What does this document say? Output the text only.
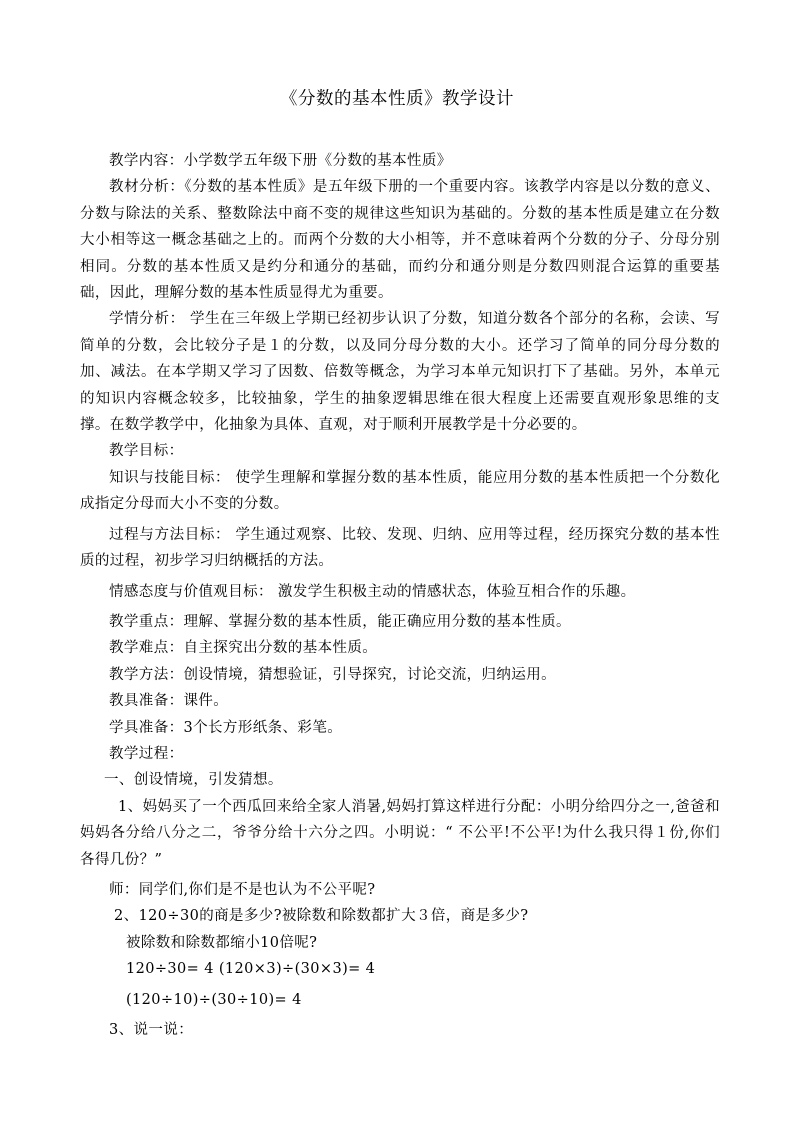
《分数的基本性质》教学设计

教学内容：小学数学五年级下册《分数的基本性质》

教材分析：《分数的基本性质》是五年级下册的一个重要内容。该教学内容是以分数的意义、分数与除法的关系、整数除法中商不变的规律这些知识为基础的。分数的基本性质是建立在分数大小相等这一概念基础之上的。而两个分数的大小相等，并不意味着两个分数的分子、分母分别相同。分数的基本性质又是约分和通分的基础，而约分和通分则是分数四则混合运算的重要基础，因此，理解分数的基本性质显得尤为重要。

学情分析： 学生在三年级上学期已经初步认识了分数，知道分数各个部分的名称，会读、写简单的分数，会比较分子是１的分数，以及同分母分数的大小。还学习了简单的同分母分数的加、减法。在本学期又学习了因数、倍数等概念，为学习本单元知识打下了基础。另外，本单元的知识内容概念较多，比较抽象，学生的抽象逻辑思维在很大程度上还需要直观形象思维的支撑。在数学教学中，化抽象为具体、直观，对于顺利开展教学是十分必要的。

教学目标：

知识与技能目标： 使学生理解和掌握分数的基本性质，能应用分数的基本性质把一个分数化成指定分母而大小不变的分数。

过程与方法目标： 学生通过观察、比较、发现、归纳、应用等过程，经历探究分数的基本性质的过程，初步学习归纳概括的方法。

情感态度与价值观目标： 激发学生积极主动的情感状态，体验互相合作的乐趣。

教学重点：理解、掌握分数的基本性质，能正确应用分数的基本性质。

教学难点：自主探究出分数的基本性质。

教学方法：创设情境，猜想验证，引导探究，讨论交流，归纳运用。

教具准备：课件。

学具准备：3个长方形纸条、彩笔。

教学过程：

一、创设情境，引发猜想。

1、妈妈买了一个西瓜回来给全家人消暑,妈妈打算这样进行分配：小明分给四分之一,爸爸和妈妈各分给八分之二，爷爷分给十六分之四。小明说：“ 不公平!不公平!为什么我只得１份,你们各得几份？”

师：同学们,你们是不是也认为不公平呢?

2、120÷30的商是多少?被除数和除数都扩大３倍，商是多少?

被除数和除数都缩小10倍呢?

120÷30= 4 (120×3)÷(30×3)= 4

(120÷10)÷(30÷10)= 4

3、说一说：
